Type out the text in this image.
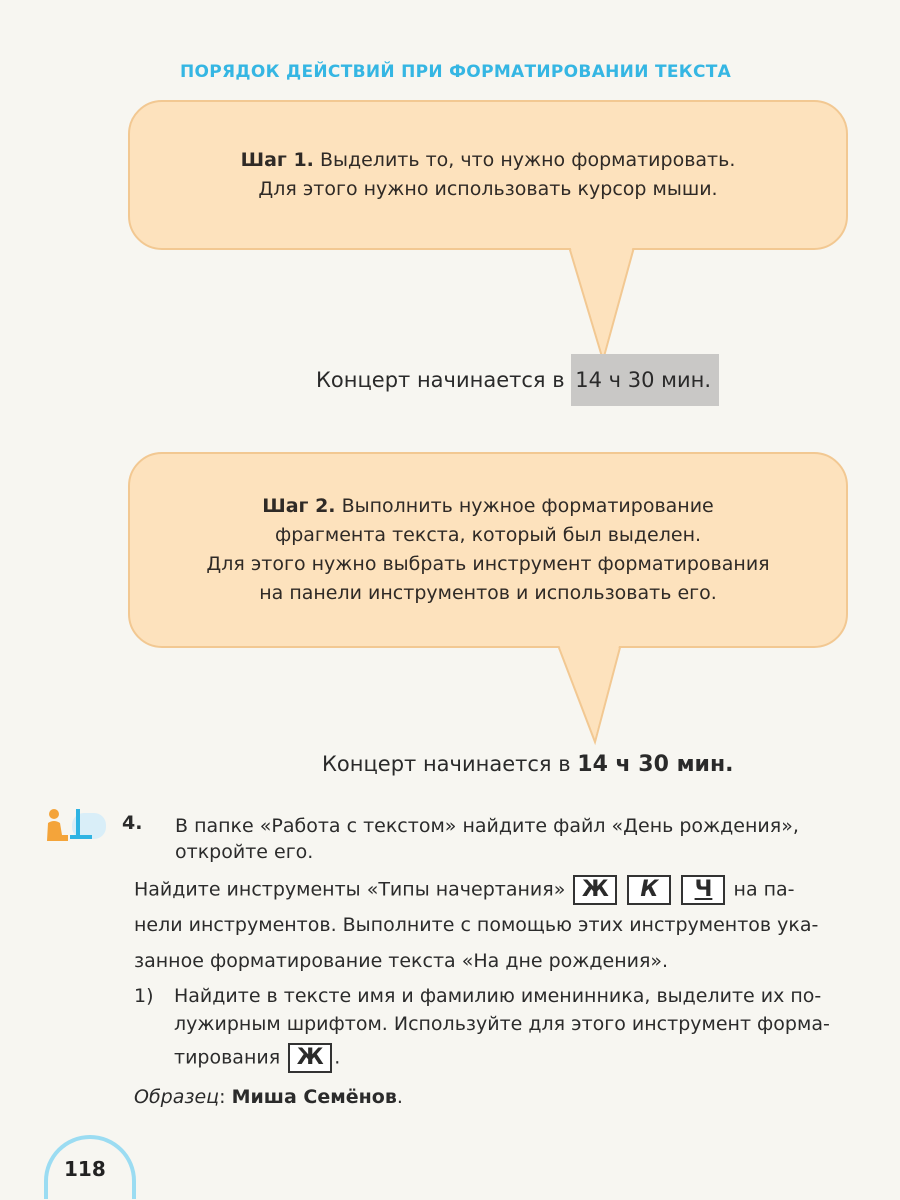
ПОРЯДОК ДЕЙСТВИЙ ПРИ ФОРМАТИРОВАНИИ ТЕКСТА
Шаг 1. Выделить то, что нужно форматировать.
Для этого нужно использовать курсор мыши.
Концерт начинается в 14 ч 30 мин.
Шаг 2. Выполнить нужное форматирование
фрагмента текста, который был выделен.
Для этого нужно выбрать инструмент форматирования
на панели инструментов и использовать его.
Концерт начинается в 14 ч 30 мин.
4. В папке «Работа с текстом» найдите файл «День рождения»,
откройте его.
Найдите инструменты «Типы начертания» Ж К Ч на па-
нели инструментов. Выполните с помощью этих инструментов ука-
занное форматирование текста «На дне рождения».
1) Найдите в тексте имя и фамилию именинника, выделите их по-
лужирным шрифтом. Используйте для этого инструмент форма-
тирования Ж .
Образец: Миша Семёнов.
118
